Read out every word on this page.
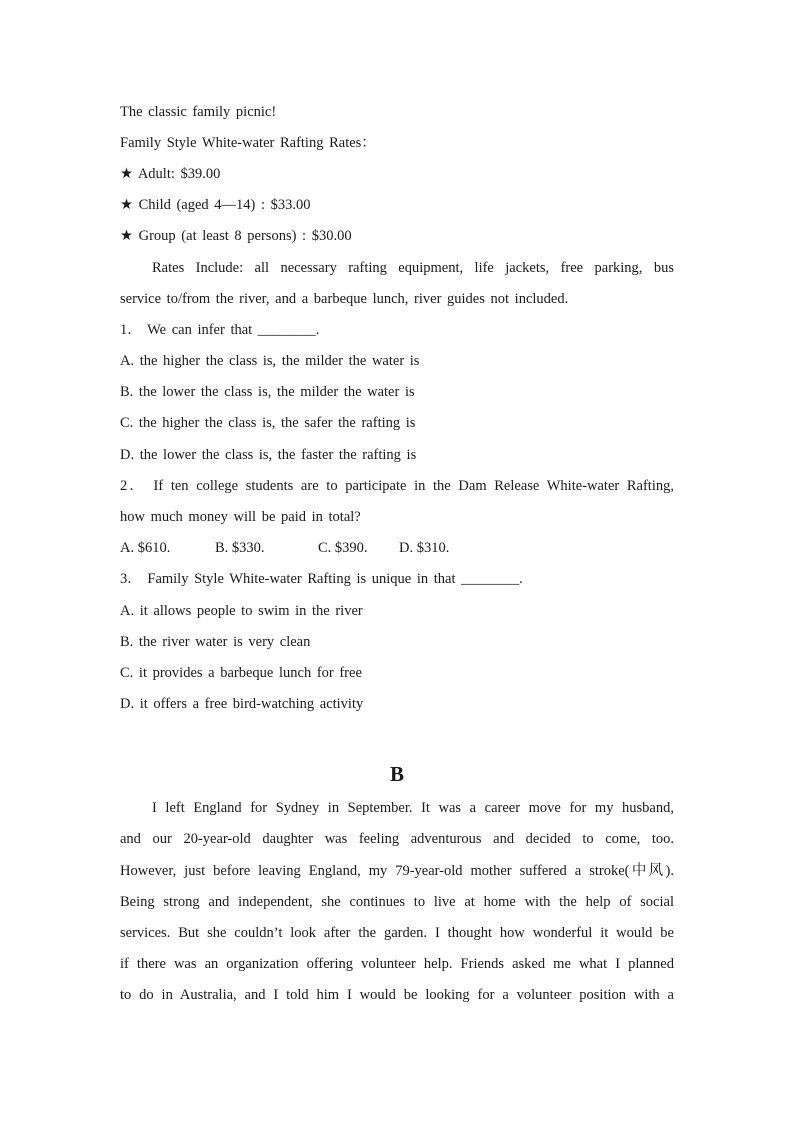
The classic family picnic!
Family Style White-water Rafting Rates：
★ Adult: $39.00
★ Child (aged 4—14) : $33.00
★ Group (at least 8 persons) : $30.00
Rates Include: all necessary rafting equipment, life jackets, free parking, bus
service to/from the river, and a barbeque lunch, river guides not included.
1． We can infer that ________.
A. the higher the class is, the milder the water is
B. the lower the class is, the milder the water is
C. the higher the class is, the safer the rafting is
D. the lower the class is, the faster the rafting is
2． If ten college students are to participate in the Dam Release White-water Rafting,
how much money will be paid in total?
A. $610.	B. $330.	C. $390. D. $310.
3． Family Style White-water Rafting is unique in that ________.
A. it allows people to swim in the river
B. the river water is very clean
C. it provides a barbeque lunch for free
D. it offers a free bird-watching activity
B
I left England for Sydney in September. It was a career move for my husband,
and our 20-year-old daughter was feeling adventurous and decided to come, too.
However, just before leaving England, my 79-year-old mother suffered a stroke(中风).
Being strong and independent, she continues to live at home with the help of social
services. But she couldn’t look after the garden. I thought how wonderful it would be
if there was an organization offering volunteer help. Friends asked me what I planned
to do in Australia, and I told him I would be looking for a volunteer position with a
